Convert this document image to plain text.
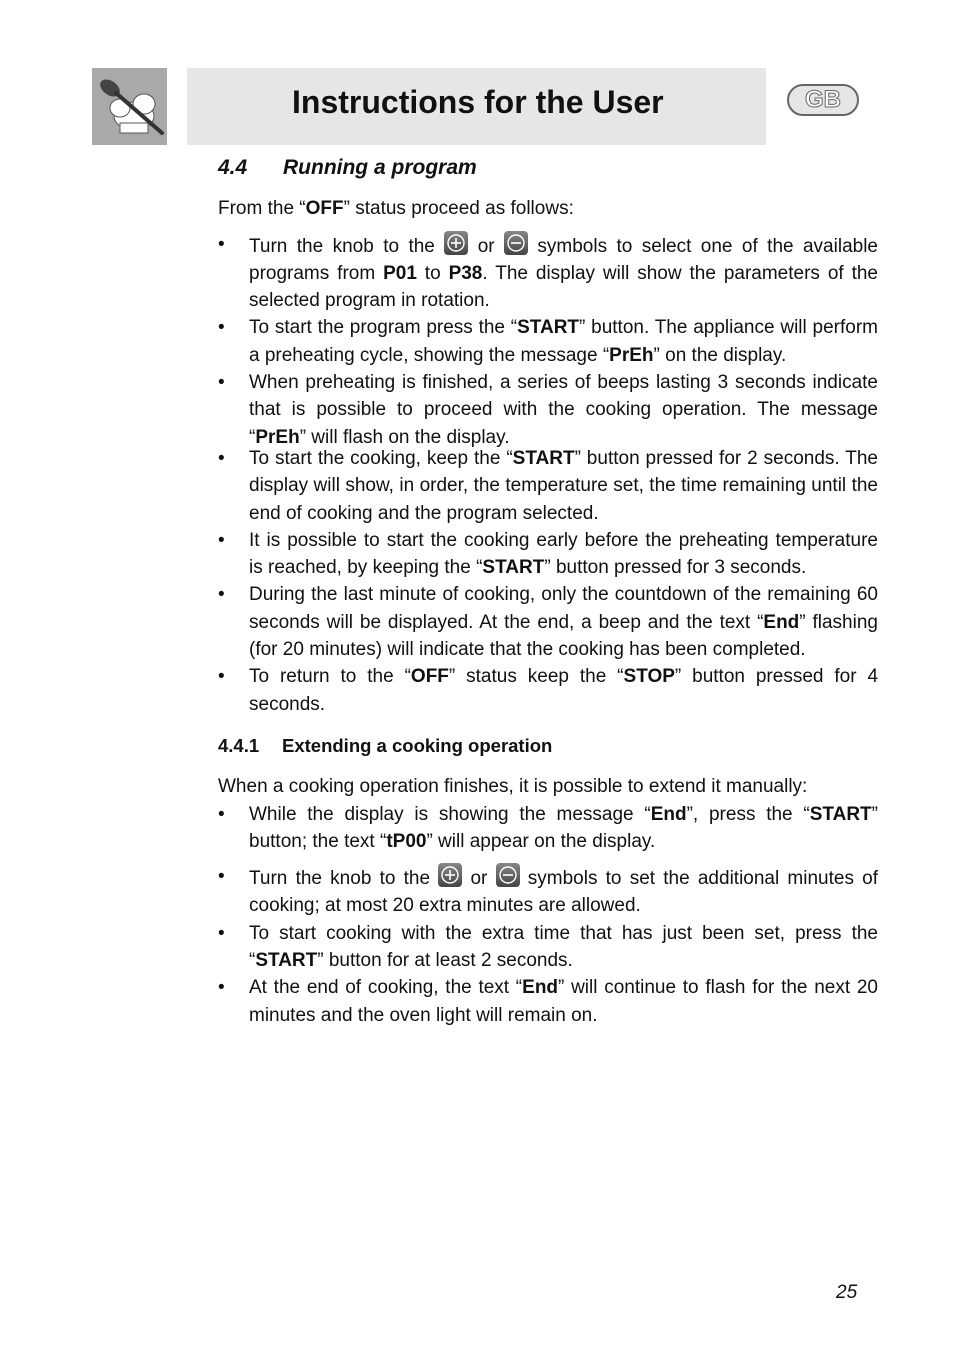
Instructions for the User	GB
4.4 Running a program

From the “OFF” status proceed as follows:

• Turn the knob to the
or
symbols to select one of the available programs from P01 to P38. The display will show the parameters of the selected program in rotation.
• To start the program press the “START” button. The appliance will perform a preheating cycle, showing the message “PrEh” on the display.
• When preheating is finished, a series of beeps lasting 3 seconds indicate that is possible to proceed with the cooking operation. The message “PrEh” will flash on the display.
• To start the cooking, keep the “START” button pressed for 2 seconds. The display will show, in order, the temperature set, the time remaining until the end of cooking and the program selected.
• It is possible to start the cooking early before the preheating temperature is reached, by keeping the “START” button pressed for 3 seconds.
• During the last minute of cooking, only the countdown of the remaining 60 seconds will be displayed. At the end, a beep and the text “End” flashing (for 20 minutes) will indicate that the cooking has been completed.
• To return to the “OFF” status keep the “STOP” button pressed for 4 seconds.
4.4.1 Extending a cooking operation

When a cooking operation finishes, it is possible to extend it manually:

• While the display is showing the message “End”, press the “START” button; the text “tP00” will appear on the display.
• Turn the knob to the
or
symbols to set the additional minutes of cooking; at most 20 extra minutes are allowed.
• To start cooking with the extra time that has just been set, press the “START” button for at least 2 seconds.
• At the end of cooking, the text “End” will continue to flash for the next 20 minutes and the oven light will remain on.
25
